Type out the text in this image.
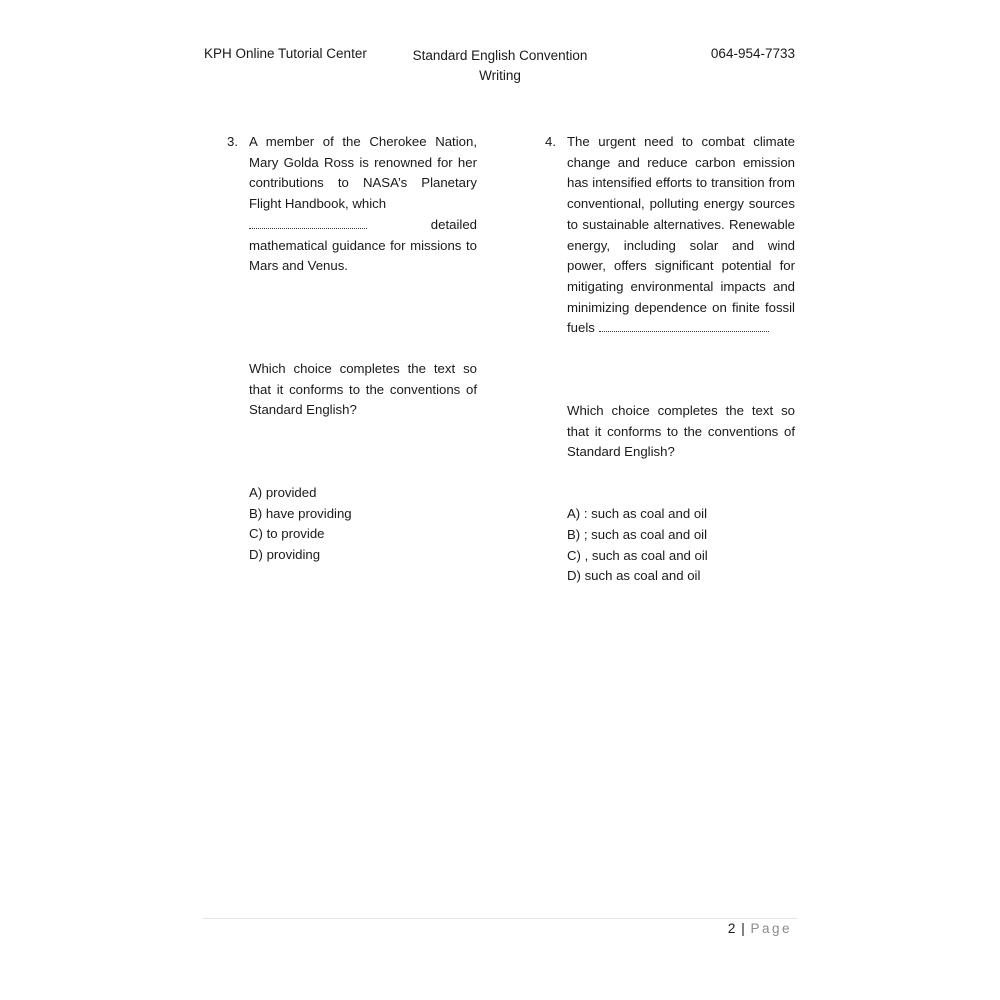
KPH Online Tutorial Center	Standard English Convention
Writing
064-954-7733
3. A member of the Cherokee Nation, Mary Golda Ross is renowned for her contributions to NASA’s Planetary Flight Handbook, which
detailed
mathematical guidance for missions to Mars and Venus.
Which choice completes the text so that it conforms to the conventions of Standard English?
A) provided
B) have providing
C) to provide
D) providing
4. The urgent need to combat climate change and reduce carbon emission has intensified efforts to transition from conventional, polluting energy sources to sustainable alternatives. Renewable energy, including solar and wind power, offers significant potential for mitigating environmental impacts and minimizing dependence on finite fossil fuels
Which choice completes the text so that it conforms to the conventions of Standard English?
A) : such as coal and oil
B) ; such as coal and oil
C) , such as coal and oil
D) such as coal and oil
2 | Page
